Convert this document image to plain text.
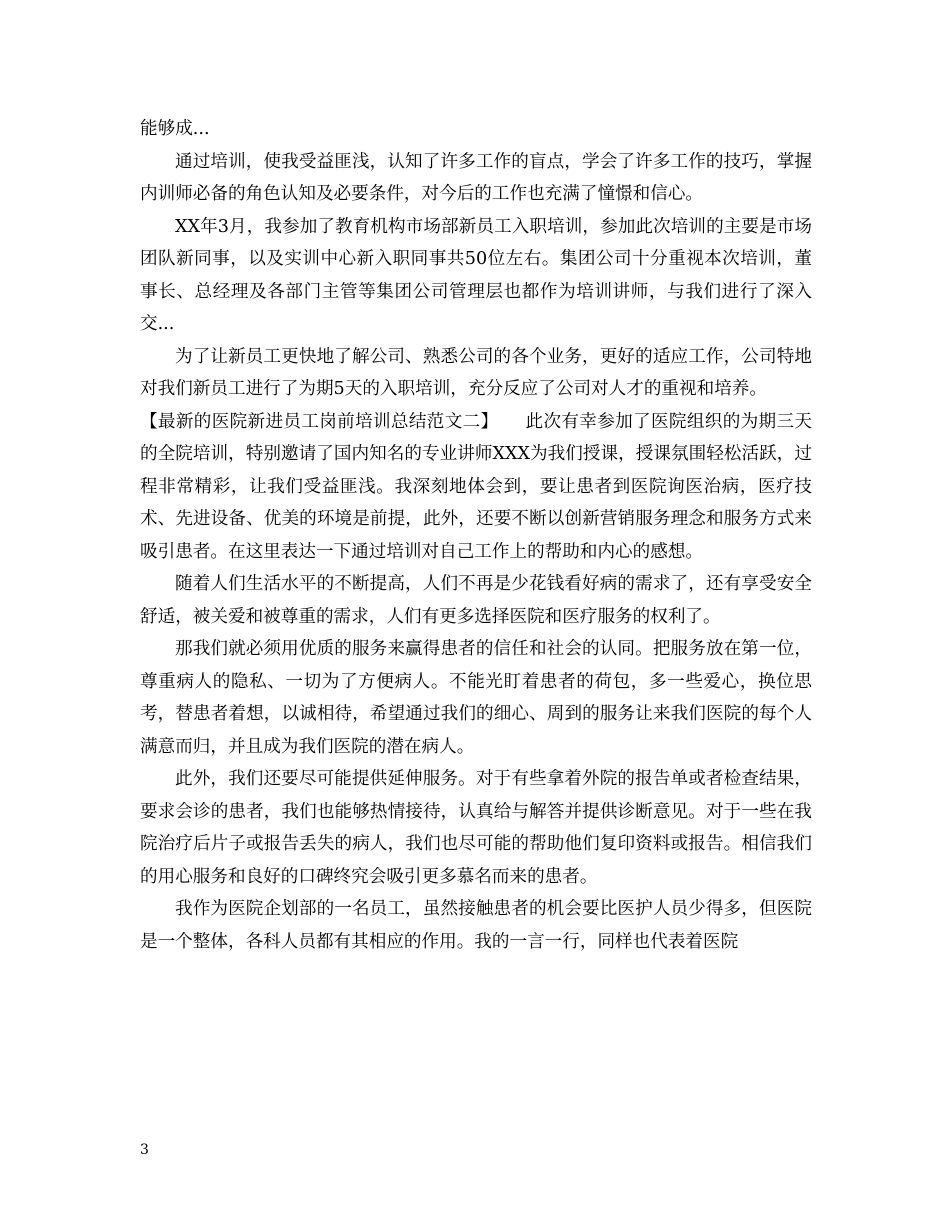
能够成...

通过培训，使我受益匪浅，认知了许多工作的盲点，学会了许多工作的技巧，掌握内训师必备的角色认知及必要条件，对今后的工作也充满了憧憬和信心。

XX年3月，我参加了教育机构市场部新员工入职培训，参加此次培训的主要是市场团队新同事，以及实训中心新入职同事共50位左右。集团公司十分重视本次培训，董事长、总经理及各部门主管等集团公司管理层也都作为培训讲师，与我们进行了深入交...

为了让新员工更快地了解公司、熟悉公司的各个业务，更好的适应工作，公司特地对我们新员工进行了为期5天的入职培训，充分反应了公司对人才的重视和培养。

【最新的医院新进员工岗前培训总结范文二】　　此次有幸参加了医院组织的为期三天的全院培训，特别邀请了国内知名的专业讲师XXX为我们授课，授课氛围轻松活跃，过程非常精彩，让我们受益匪浅。我深刻地体会到，要让患者到医院询医治病，医疗技术、先进设备、优美的环境是前提，此外，还要不断以创新营销服务理念和服务方式来吸引患者。在这里表达一下通过培训对自己工作上的帮助和内心的感想。

随着人们生活水平的不断提高，人们不再是少花钱看好病的需求了，还有享受安全舒适，被关爱和被尊重的需求，人们有更多选择医院和医疗服务的权利了。

那我们就必须用优质的服务来赢得患者的信任和社会的认同。把服务放在第一位，尊重病人的隐私、一切为了方便病人。不能光盯着患者的荷包，多一些爱心，换位思考，替患者着想，以诚相待，希望通过我们的细心、周到的服务让来我们医院的每个人满意而归，并且成为我们医院的潜在病人。

此外，我们还要尽可能提供延伸服务。对于有些拿着外院的报告单或者检查结果，要求会诊的患者，我们也能够热情接待，认真给与解答并提供诊断意见。对于一些在我院治疗后片子或报告丢失的病人，我们也尽可能的帮助他们复印资料或报告。相信我们的用心服务和良好的口碑终究会吸引更多慕名而来的患者。

我作为医院企划部的一名员工，虽然接触患者的机会要比医护人员少得多，但医院是一个整体，各科人员都有其相应的作用。我的一言一行，同样也代表着医院

3
